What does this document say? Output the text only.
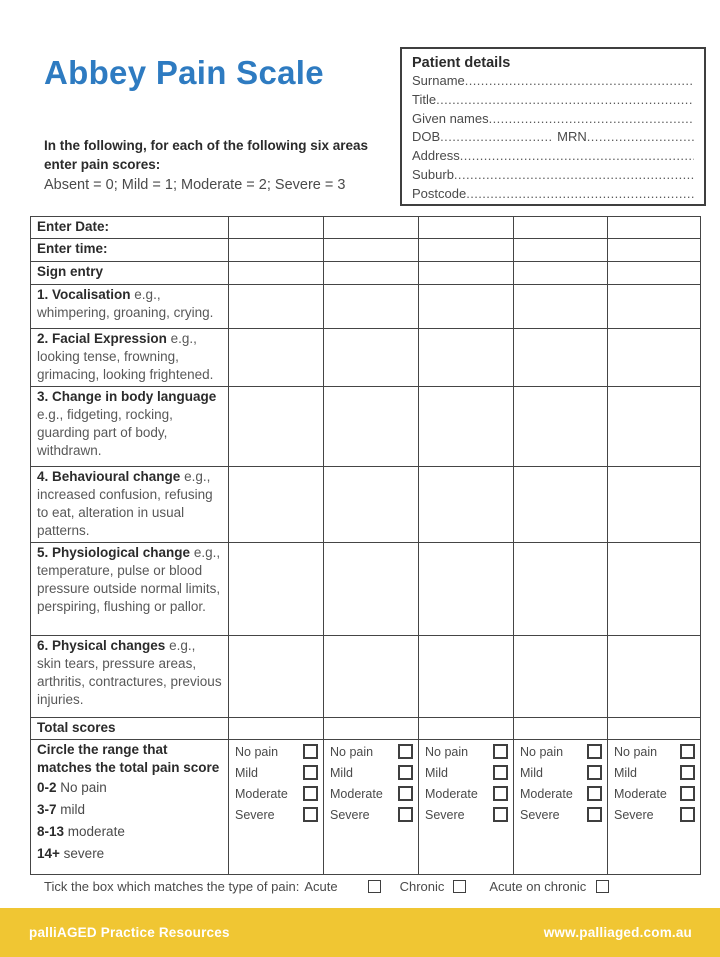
Abbey Pain Scale	Patient details
Surname
.....
Title
.....
Given names
.....
DOB .....	MRN
.....
Address
.....
Suburb
.....
Postcode
.....
In the following, for each of the following six areas enter pain scores:
Absent = 0; Mild = 1; Moderate = 2; Severe = 3
Enter Date:					
Enter time:					
Sign entry					
1. Vocalisation e.g., whimpering, groaning, crying.					
2. Facial Expression e.g., looking tense, frowning, grimacing, looking frightened.					
3. Change in body language e.g., fidgeting, rocking, guarding part of body, withdrawn.					
4. Behavioural change e.g., increased confusion, refusing to eat, alteration in usual patterns.					
5. Physiological change e.g., temperature, pulse or blood pressure outside normal limits, perspiring, flushing or pallor.					
6. Physical changes e.g., skin tears, pressure areas, arthritis, contractures, previous injuries.					
Total scores					

Circle the range that matches the total pain score
0-2 No pain
3-7 mild
8-13 moderate
14+ severe

No pain
Mild
Moderate
Severe

No pain
Mild
Moderate
Severe

No pain
Mild
Moderate
Severe

No pain
Mild
Moderate
Severe

No pain
Mild
Moderate
Severe
Tick the box which matches the type of pain: Acute	Chronic	Acute on chronic
palliAGED Practice Resources	www.palliaged.com.au
